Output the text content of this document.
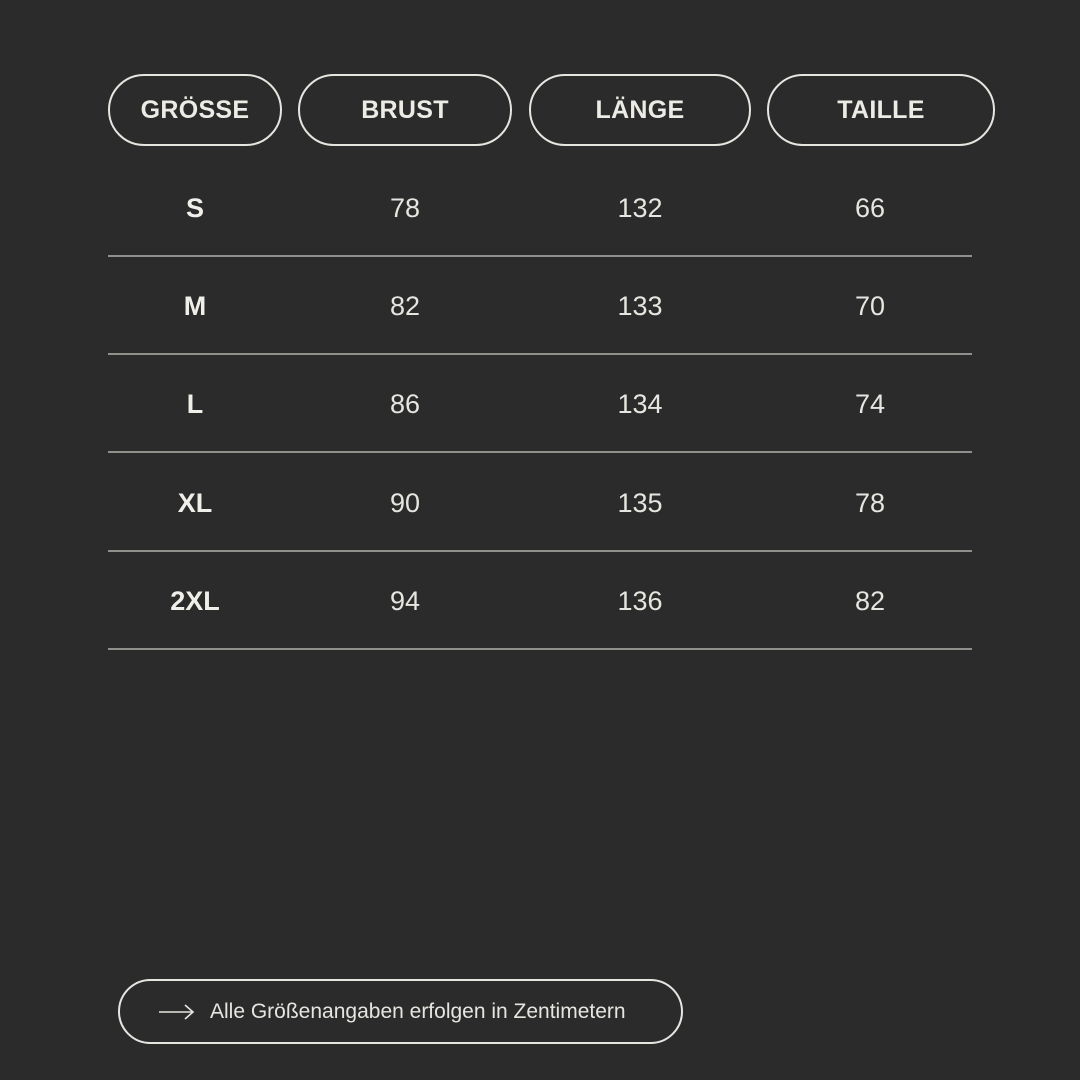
GRÖSSE	BRUST	LÄNGE	TAILLE
S	78	132	66
M	82	133	70
L	86	134	74
XL	90	135	78
2XL	94	136	82
Alle Größenangaben erfolgen in Zentimetern
